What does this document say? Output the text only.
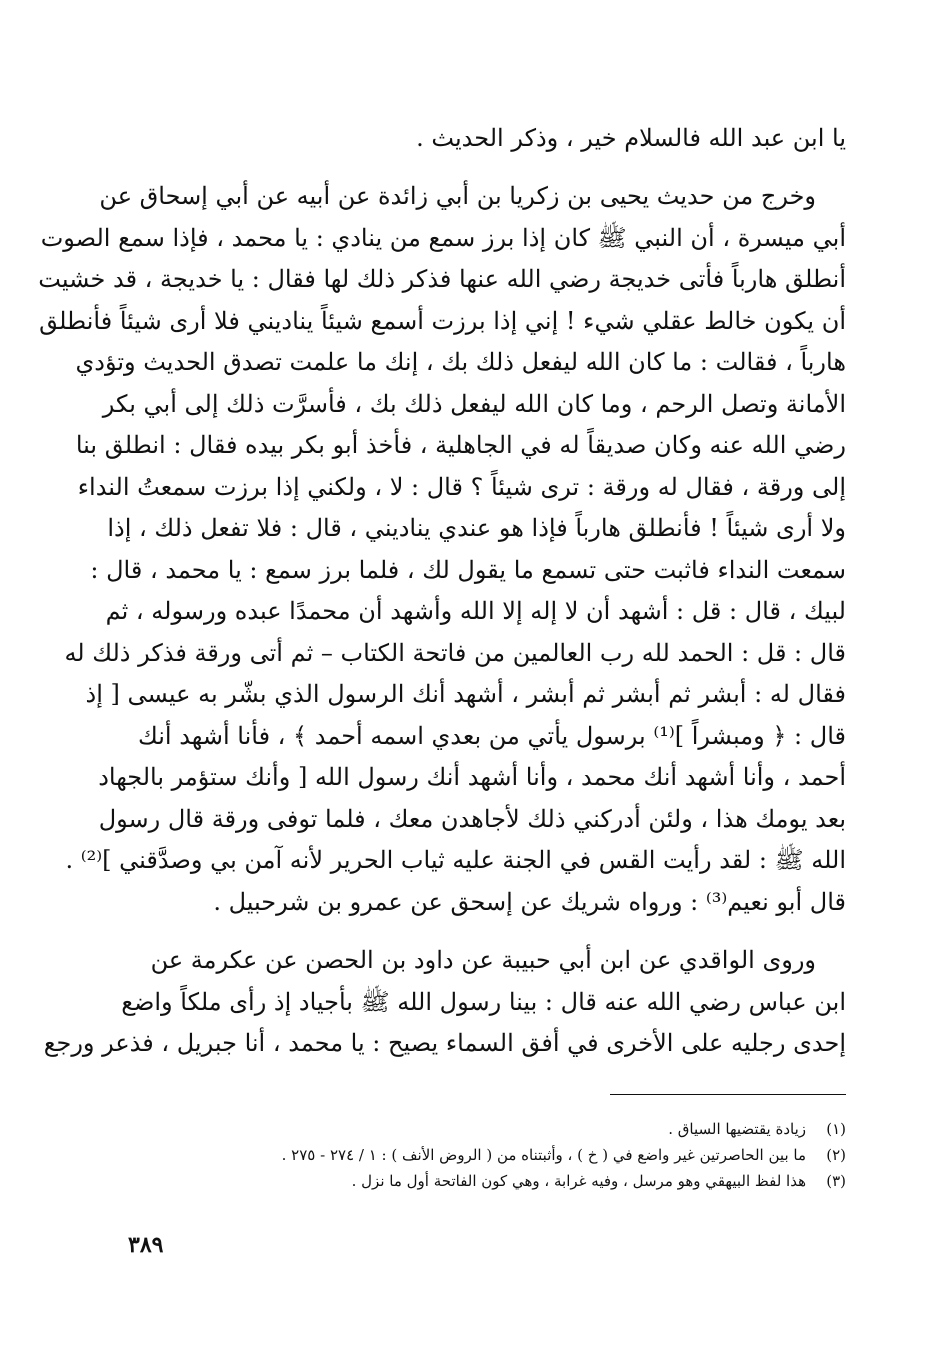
يا ابن عبد الله فالسلام خير ، وذكر الحديث .
وخرج من حديث يحيى بن زكريا بن أبي زائدة عن أبيه عن أبي إسحاق عن
أبي ميسرة ، أن النبي ﷺ كان إذا برز سمع من ينادي : يا محمد ، فإذا سمع الصوت
أنطلق هارباً فأتى خديجة رضي الله عنها فذكر ذلك لها فقال : يا خديجة ، قد خشيت
أن يكون خالط عقلي شيء ! إني إذا برزت أسمع شيئاً يناديني فلا أرى شيئاً فأنطلق
هارباً ، فقالت : ما كان الله ليفعل ذلك بك ، إنك ما علمت تصدق الحديث وتؤدي
الأمانة وتصل الرحم ، وما كان الله ليفعل ذلك بك ، فأسرَّت ذلك إلى أبي بكر
رضي الله عنه وكان صديقاً له في الجاهلية ، فأخذ أبو بكر بيده فقال : انطلق بنا
إلى ورقة ، فقال له ورقة : ترى شيئاً ؟ قال : لا ، ولكني إذا برزت سمعتُ النداء
ولا أرى شيئاً ! فأنطلق هارباً فإذا هو عندي يناديني ، قال : فلا تفعل ذلك ، إذا
سمعت النداء فاثبت حتى تسمع ما يقول لك ، فلما برز سمع : يا محمد ، قال :
لبيك ، قال : قل : أشهد أن لا إله إلا الله وأشهد أن محمدًا عبده ورسوله ، ثم
قال : قل : الحمد لله رب العالمين من فاتحة الكتاب – ثم أتى ورقة فذكر ذلك له
فقال له : أبشر ثم أبشر ثم أبشر ، أشهد أنك الرسول الذي بشّر به عيسى [ إذ
قال : ﴿ ومبشراً ]⁽¹⁾ برسول يأتي من بعدي اسمه أحمد ﴾ ، فأنا أشهد أنك
أحمد ، وأنا أشهد أنك محمد ، وأنا أشهد أنك رسول الله [ وأنك ستؤمر بالجهاد
بعد يومك هذا ، ولئن أدركني ذلك لأجاهدن معك ، فلما توفى ورقة قال رسول
الله ﷺ : لقد رأيت القس في الجنة عليه ثياب الحرير لأنه آمن بي وصدَّقني ]⁽²⁾ .
قال أبو نعيم⁽³⁾ : ورواه شريك عن إسحق عن عمرو بن شرحبيل .
وروى الواقدي عن ابن أبي حبيبة عن داود بن الحصن عن عكرمة عن
ابن عباس رضي الله عنه قال : بينا رسول الله ﷺ بأجياد إذ رأى ملكاً واضع
إحدى رجليه على الأخرى في أفق السماء يصيح : يا محمد ، أنا جبريل ، فذعر ورجع
(١)
زيادة يقتضيها السياق .
(٢)
ما بين الحاصرتين غير واضع في ( خ ) ، وأثبتناه من ( الروض الأنف ) : ١ / ٢٧٤ - ٢٧٥ .
(٣)
هذا لفظ البيهقي وهو مرسل ، وفيه غرابة ، وهي كون الفاتحة أول ما نزل .
٣٨٩
